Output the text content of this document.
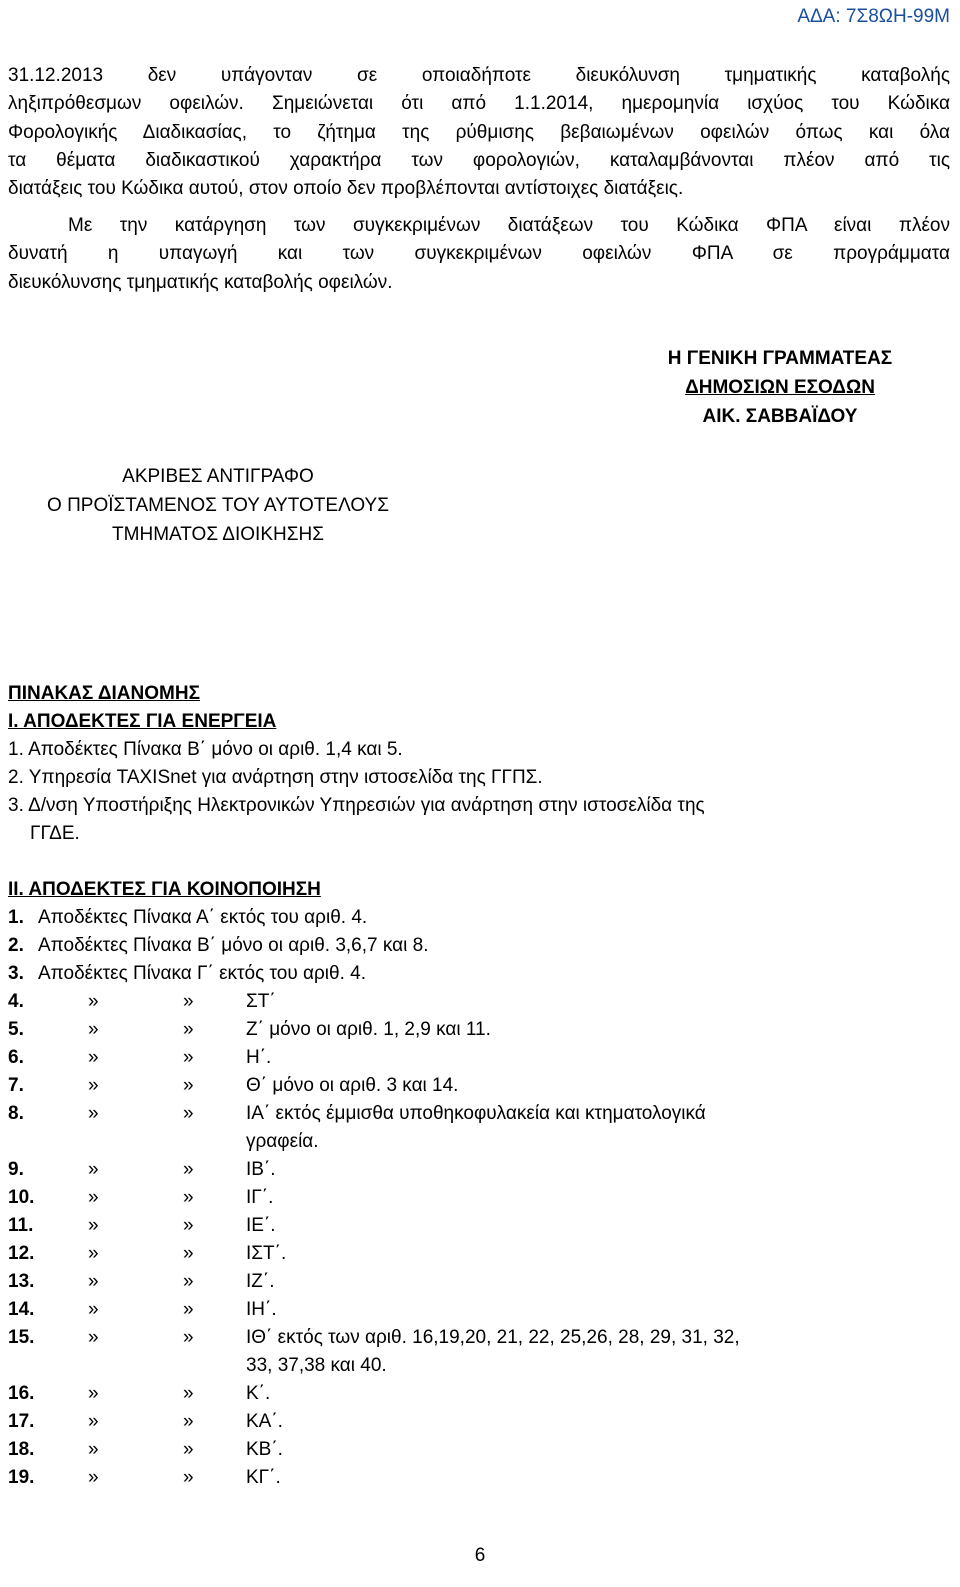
ΑΔΑ: 7Σ8ΩΗ-99Μ
31.12.2013 δεν υπάγονταν σε οποιαδήποτε διευκόλυνση τμηματικής καταβολής
ληξιπρόθεσμων οφειλών. Σημειώνεται ότι από 1.1.2014, ημερομηνία ισχύος του Κώδικα
Φορολογικής Διαδικασίας, το ζήτημα της ρύθμισης βεβαιωμένων οφειλών όπως και όλα
τα θέματα διαδικαστικού χαρακτήρα των φορολογιών, καταλαμβάνονται πλέον από τις
διατάξεις του Κώδικα αυτού, στον οποίο δεν προβλέπονται αντίστοιχες διατάξεις.
Με την κατάργηση των συγκεκριμένων διατάξεων του Κώδικα ΦΠΑ είναι πλέον
δυνατή η υπαγωγή και των συγκεκριμένων οφειλών ΦΠΑ σε προγράμματα
διευκόλυνσης τμηματικής καταβολής οφειλών.
Η ΓΕΝΙΚΗ ΓΡΑΜΜΑΤΕΑΣ
ΔΗΜΟΣΙΩΝ ΕΣΟΔΩΝ
ΑΙΚ. ΣΑΒΒΑΪΔΟΥ
ΑΚΡΙΒΕΣ ΑΝΤΙΓΡΑΦΟ
Ο ΠΡΟΪΣΤΑΜΕΝΟΣ ΤΟΥ ΑΥΤΟΤΕΛΟΥΣ
ΤΜΗΜΑΤΟΣ ΔΙΟΙΚΗΣΗΣ
ΠΙΝΑΚΑΣ ΔΙΑΝΟΜΗΣ
Ι. ΑΠΟΔΕΚΤΕΣ ΓΙΑ ΕΝΕΡΓΕΙΑ
1. Αποδέκτες Πίνακα Β΄ μόνο οι αριθ. 1,4 και 5.
2. Υπηρεσία TAXISnet για ανάρτηση στην ιστοσελίδα της ΓΓΠΣ.
3. Δ/νση Υποστήριξης Ηλεκτρονικών Υπηρεσιών για ανάρτηση στην ιστοσελίδα της
ΓΓΔΕ.
ΙΙ. ΑΠΟΔΕΚΤΕΣ ΓΙΑ ΚΟΙΝΟΠΟΙΗΣΗ
1. Αποδέκτες Πίνακα Α΄ εκτός του αριθ. 4.
2. Αποδέκτες Πίνακα Β΄ μόνο οι αριθ. 3,6,7 και 8.
3. Αποδέκτες Πίνακα Γ΄ εκτός του αριθ. 4.
4.	»	»	ΣΤ΄
5.	»	»	Ζ΄ μόνο οι αριθ. 1, 2,9 και 11.
6.	»	»	Η΄.
7.	»	»	Θ΄ μόνο οι αριθ. 3 και 14.
8.	»	»	ΙΑ΄ εκτός έμμισθα υποθηκοφυλακεία και κτηματολογικά
γραφεία.
9.	»	»	ΙΒ΄.
10.	»	»	ΙΓ΄.
11.	»	»	ΙΕ΄.
12.	»	»	ΙΣΤ΄.
13.	»	»	ΙΖ΄.
14.	»	»	ΙΗ΄.
15.	»	»	ΙΘ΄ εκτός των αριθ. 16,19,20, 21, 22, 25,26, 28, 29, 31, 32,
33, 37,38 και 40.
16.	»	»	Κ΄.
17.	»	»	ΚΑ΄.
18.	»	»	ΚΒ΄.
19.	»	»	ΚΓ΄.
6
